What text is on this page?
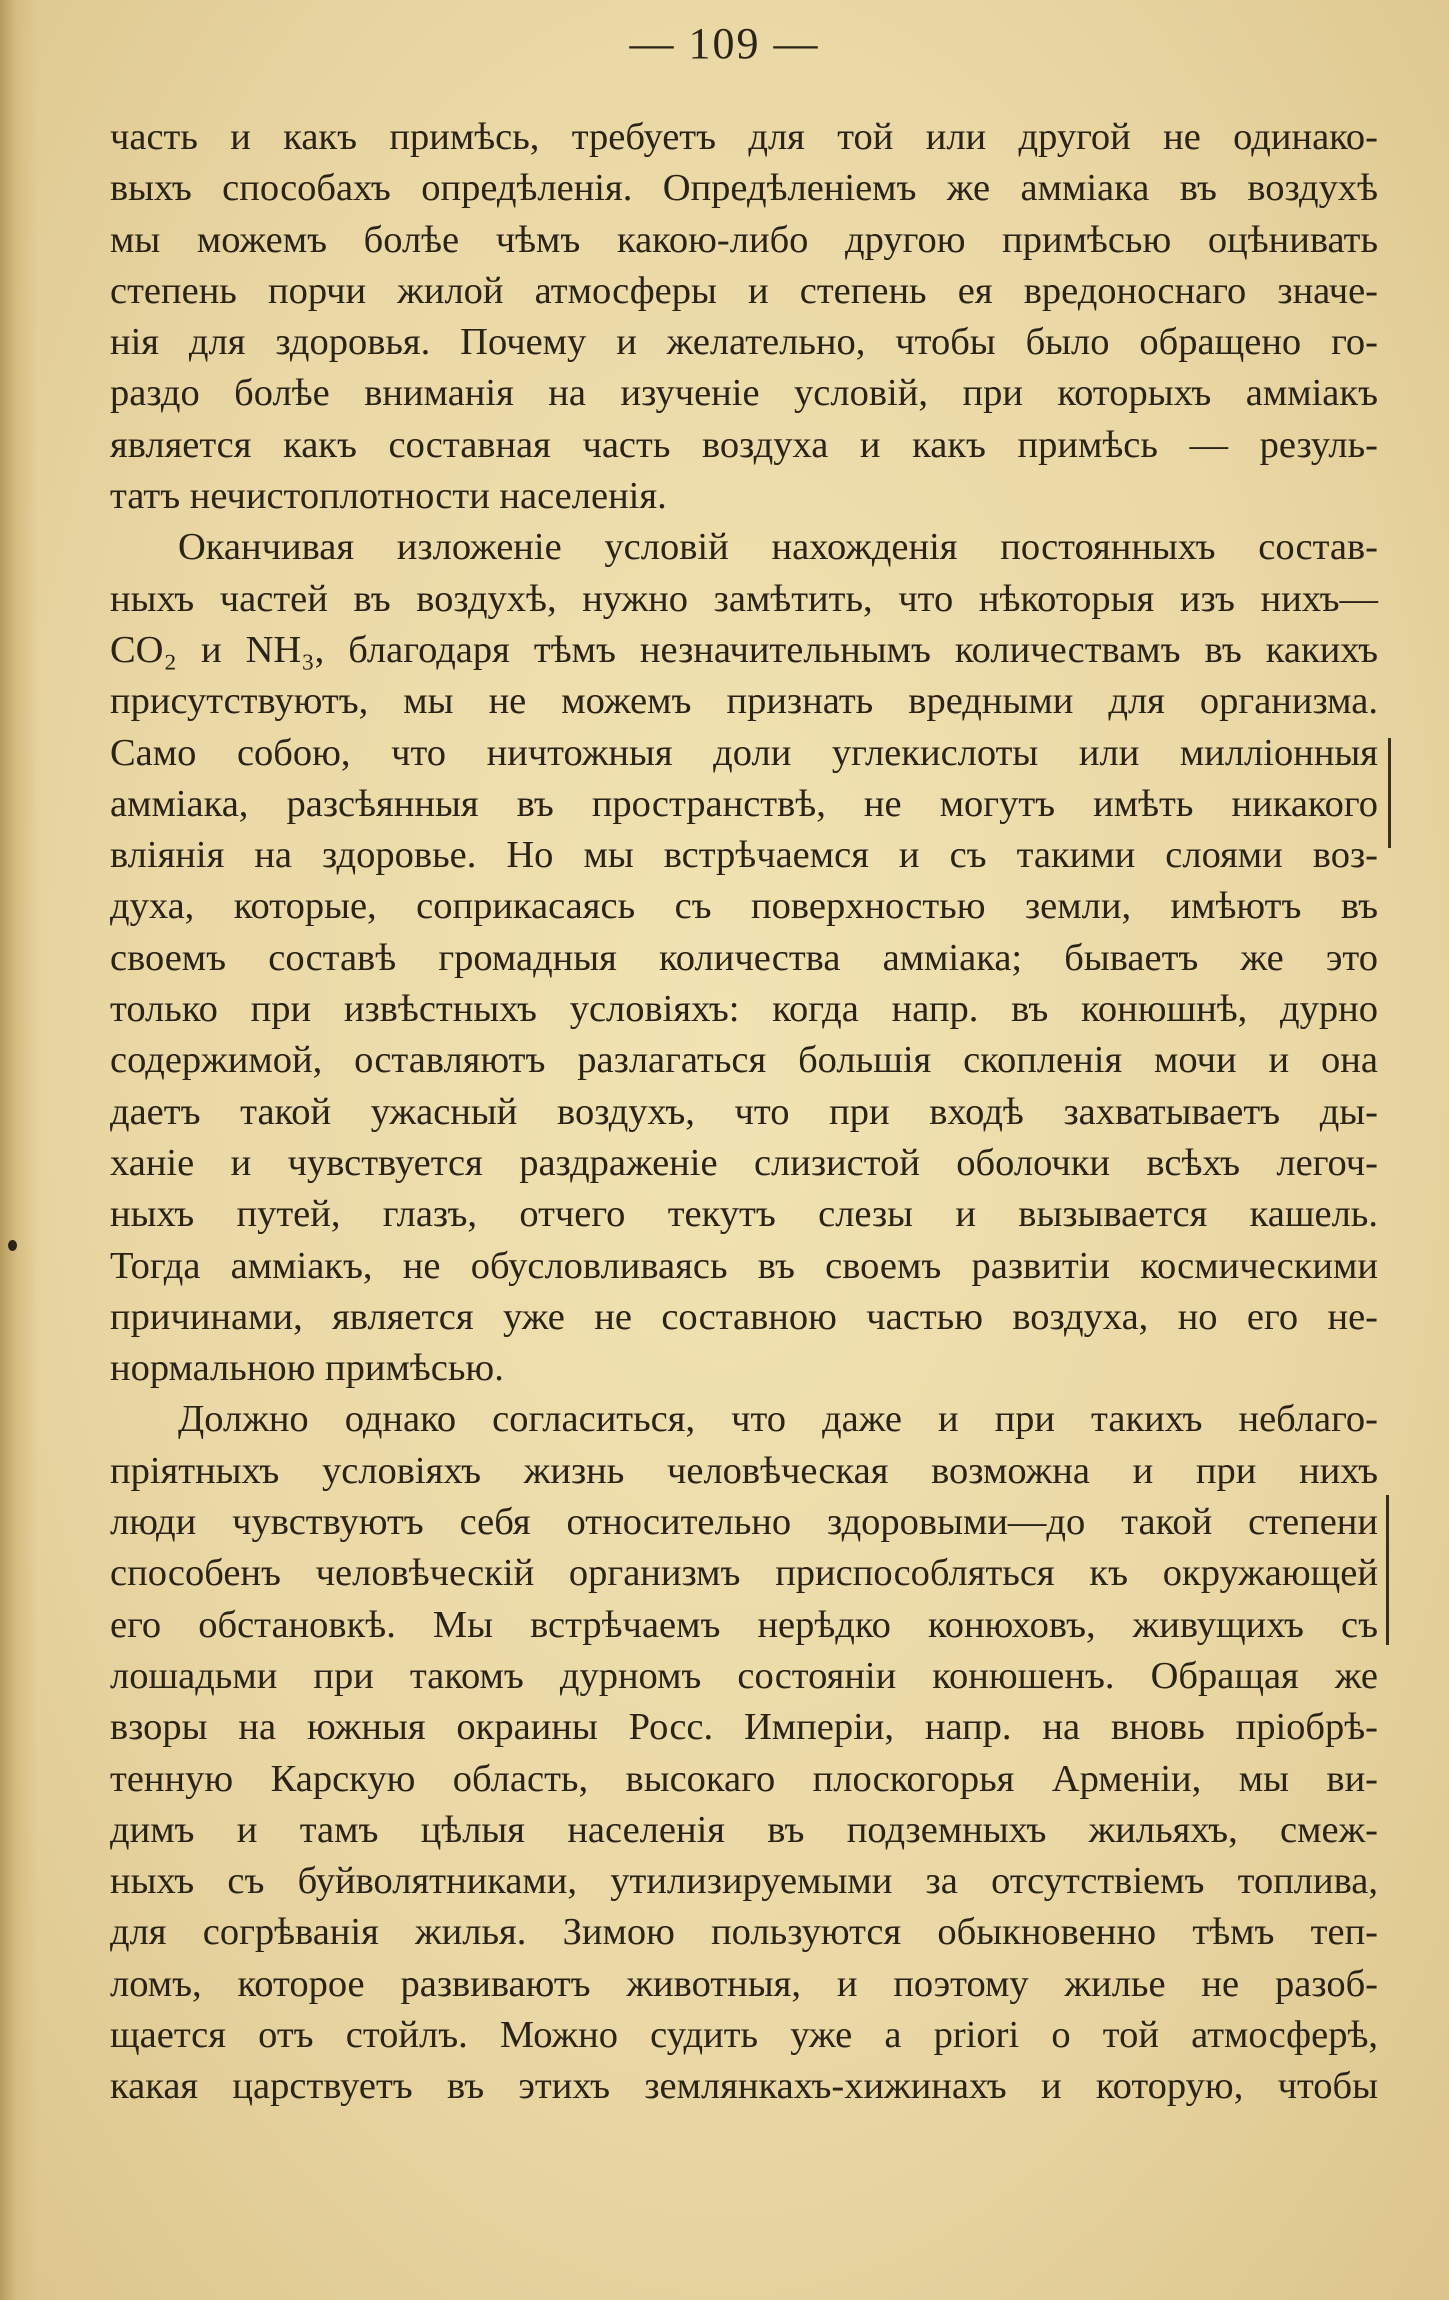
— 109 —
часть и какъ примѣсь, требуетъ для той или другой не одинако-
выхъ способахъ опредѣленія. Опредѣленіемъ же амміака въ воздухѣ
мы можемъ болѣе чѣмъ какою-либо другою примѣсью оцѣнивать
степень порчи жилой атмосферы и степень ея вредоноснаго значе-
нія для здоровья. Почему и желательно, чтобы было обращено го-
раздо болѣе вниманія на изученіе условій, при которыхъ амміакъ
является какъ составная часть воздуха и какъ примѣсь — резуль-
татъ нечистоплотности населенія.
Оканчивая изложеніе условій нахожденія постоянныхъ состав-
ныхъ частей въ воздухѣ, нужно замѣтить, что нѣкоторыя изъ нихъ—
CO₂ и NH₃, благодаря тѣмъ незначительнымъ количествамъ въ какихъ
присутствуютъ, мы не можемъ признать вредными для организма.
Само собою, что ничтожныя доли углекислоты или милліонныя
амміака, разсѣянныя въ пространствѣ, не могутъ имѣть никакого
вліянія на здоровье. Но мы встрѣчаемся и съ такими слоями воз-
духа, которые, соприкасаясь съ поверхностью земли, имѣютъ въ
своемъ составѣ громадныя количества амміака; бываетъ же это
только при извѣстныхъ условіяхъ: когда напр. въ конюшнѣ, дурно
содержимой, оставляютъ разлагаться большія скопленія мочи и она
даетъ такой ужасный воздухъ, что при входѣ захватываетъ ды-
ханіе и чувствуется раздраженіе слизистой оболочки всѣхъ легоч-
ныхъ путей, глазъ, отчего текутъ слезы и вызывается кашель.
Тогда амміакъ, не обусловливаясь въ своемъ развитіи космическими
причинами, является уже не составною частью воздуха, но его не-
нормальною примѣсью.
Должно однако согласиться, что даже и при такихъ неблаго-
пріятныхъ условіяхъ жизнь человѣческая возможна и при нихъ
люди чувствуютъ себя относительно здоровыми—до такой степени
способенъ человѣческій организмъ приспособляться къ окружающей
его обстановкѣ. Мы встрѣчаемъ нерѣдко конюховъ, живущихъ съ
лошадьми при такомъ дурномъ состояніи конюшенъ. Обращая же
взоры на южныя окраины Росс. Имперіи, напр. на вновь пріобрѣ-
тенную Карскую область, высокаго плоскогорья Арменіи, мы ви-
димъ и тамъ цѣлыя населенія въ подземныхъ жильяхъ, смеж-
ныхъ съ буйволятниками, утилизируемыми за отсутствіемъ топлива,
для согрѣванія жилья. Зимою пользуются обыкновенно тѣмъ теп-
ломъ, которое развиваютъ животныя, и поэтому жилье не разоб-
щается отъ стойлъ. Можно судить уже a priori о той атмосферѣ,
какая царствуетъ въ этихъ землянкахъ-хижинахъ и которую, чтобы
